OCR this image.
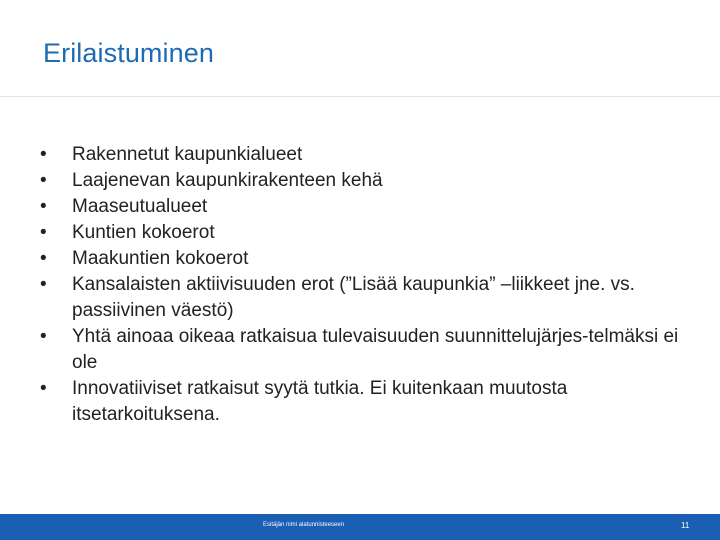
Erilaistuminen
•	Rakennetut kaupunkialueet
•	Laajenevan kaupunkirakenteen kehä
•	Maaseutualueet
•	Kuntien kokoerot
•	Maakuntien kokoerot
•	Kansalaisten aktiivisuuden erot (”Lisää kaupunkia” –liikkeet jne. vs. passiivinen väestö)
•	Yhtä ainoaa oikeaa ratkaisua tulevaisuuden suunnittelujärjes-telmäksi ei ole
•	Innovatiiviset ratkaisut syytä tutkia. Ei kuitenkaan muutosta itsetarkoituksena.
Esitäjän nimi alatunnisteeseen	11
